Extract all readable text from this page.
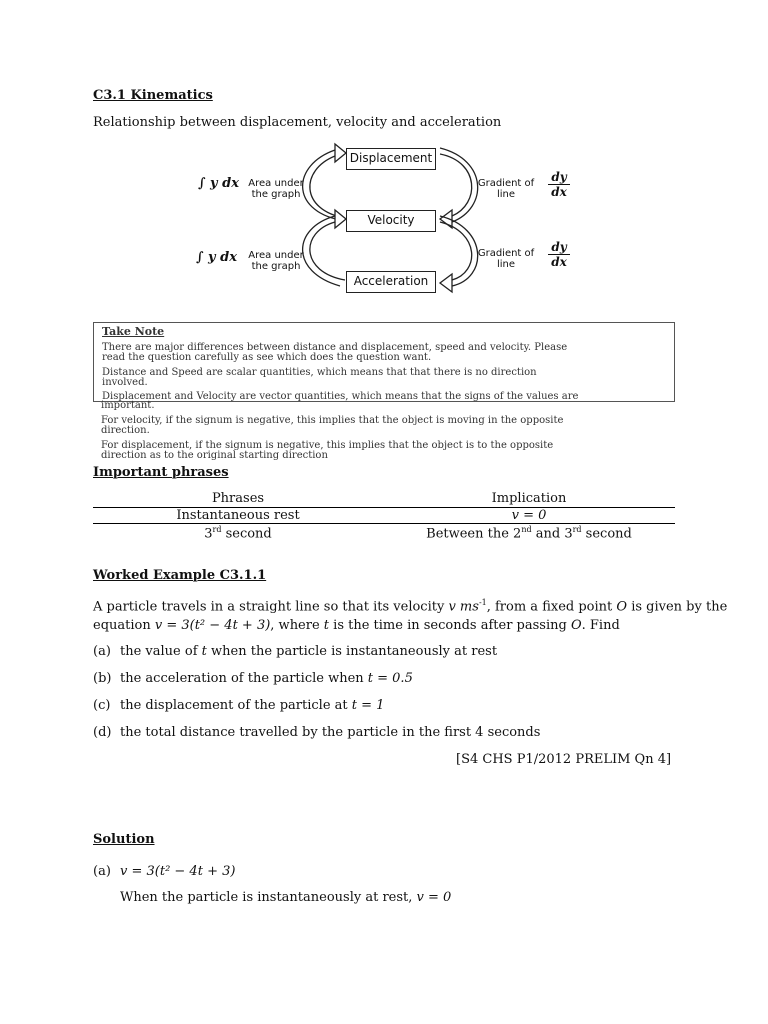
C3.1 Kinematics
Relationship between displacement, velocity and acceleration
Displacement
Velocity
Acceleration
∫ y dx Area under the graph
∫ y dx Area under the graph
Gradient of line
Gradient of line
$\frac{dy}{dx}$
$\frac{dy}{dx}$
Take Note
There are major differences between distance and displacement, speed and velocity. Please
read the question carefully as see which does the question want.
Distance and Speed are scalar quantities, which means that that there is no direction
involved.
Displacement and Velocity are vector quantities, which means that the signs of the values are
important.
For velocity, if the signum is negative, this implies that the object is moving in the opposite
direction.
For displacement, if the signum is negative, this implies that the object is to the opposite
direction as to the original starting direction
Important phrases
Phrases	Implication
Instantaneous rest	v = 0
3rd second	Between the 2nd and 3rd second
Worked Example C3.1.1
A particle travels in a straight line so that its velocity v $ms^{-1}$, from a fixed point O is given by the
equation v = 3(t² − 4t + 3), where t is the time in seconds after passing O. Find
(a) the value of t when the particle is instantaneously at rest
(b) the acceleration of the particle when t = 0.5
(c) the displacement of the particle at t = 1
(d) the total distance travelled by the particle in the first 4 seconds
[S4 CHS P1/2012 PRELIM Qn 4]
Solution
(a) v = 3(t² − 4t + 3)
When the particle is instantaneously at rest, v = 0
